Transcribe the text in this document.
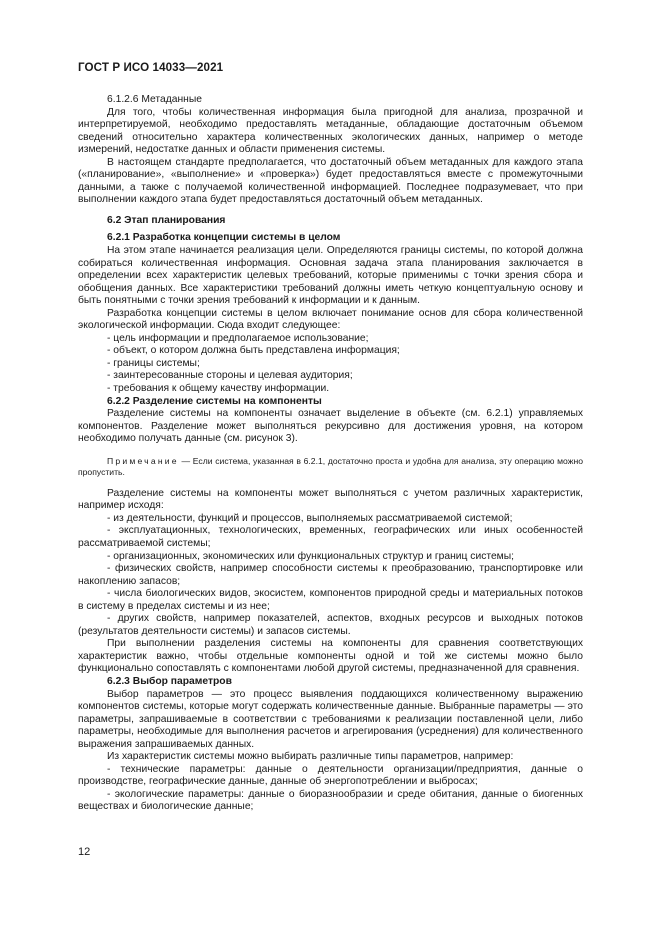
ГОСТ Р ИСО 14033—2021

6.1.2.6 Метаданные

Для того, чтобы количественная информация была пригодной для анализа, прозрачной и интерпретируемой, необходимо предоставлять метаданные, обладающие достаточным объемом сведений относительно характера количественных экологических данных, например о методе измерений, недостатке данных и области применения системы.

В настоящем стандарте предполагается, что достаточный объем метаданных для каждого этапа («планирование», «выполнение» и «проверка») будет предоставляться вместе с промежуточными данными, а также с получаемой количественной информацией. Последнее подразумевает, что при выполнении каждого этапа будет предоставляться достаточный объем метаданных.

6.2 Этап планирования

6.2.1 Разработка концепции системы в целом

На этом этапе начинается реализация цели. Определяются границы системы, по которой должна собираться количественная информация. Основная задача этапа планирования заключается в определении всех характеристик целевых требований, которые применимы с точки зрения сбора и обобщения данных. Все характеристики требований должны иметь четкую концептуальную основу и быть понятными с точки зрения требований к информации и к данным.

Разработка концепции системы в целом включает понимание основ для сбора количественной экологической информации. Сюда входит следующее:

- цель информации и предполагаемое использование;

- объект, о котором должна быть представлена информация;

- границы системы;

- заинтересованные стороны и целевая аудитория;

- требования к общему качеству информации.

6.2.2 Разделение системы на компоненты

Разделение системы на компоненты означает выделение в объекте (см. 6.2.1) управляемых компонентов. Разделение может выполняться рекурсивно для достижения уровня, на котором необходимо получать данные (см. рисунок 3).

Примечание — Если система, указанная в 6.2.1, достаточно проста и удобна для анализа, эту операцию можно пропустить.

Разделение системы на компоненты может выполняться с учетом различных характеристик, например исходя:

- из деятельности, функций и процессов, выполняемых рассматриваемой системой;

- эксплуатационных, технологических, временных, географических или иных особенностей рассматриваемой системы;

- организационных, экономических или функциональных структур и границ системы;

- физических свойств, например способности системы к преобразованию, транспортировке или накоплению запасов;

- числа биологических видов, экосистем, компонентов природной среды и материальных потоков в систему в пределах системы и из нее;

- других свойств, например показателей, аспектов, входных ресурсов и выходных потоков (результатов деятельности системы) и запасов системы.

При выполнении разделения системы на компоненты для сравнения соответствующих характеристик важно, чтобы отдельные компоненты одной и той же системы можно было функционально сопоставлять с компонентами любой другой системы, предназначенной для сравнения.

6.2.3 Выбор параметров

Выбор параметров — это процесс выявления поддающихся количественному выражению компонентов системы, которые могут содержать количественные данные. Выбранные параметры — это параметры, запрашиваемые в соответствии с требованиями к реализации поставленной цели, либо параметры, необходимые для выполнения расчетов и агрегирования (усреднения) для количественного выражения запрашиваемых данных.

Из характеристик системы можно выбирать различные типы параметров, например:

- технические параметры: данные о деятельности организации/предприятия, данные о производстве, географические данные, данные об энергопотреблении и выбросах;

- экологические параметры: данные о биоразнообразии и среде обитания, данные о биогенных веществах и биологические данные;

12
